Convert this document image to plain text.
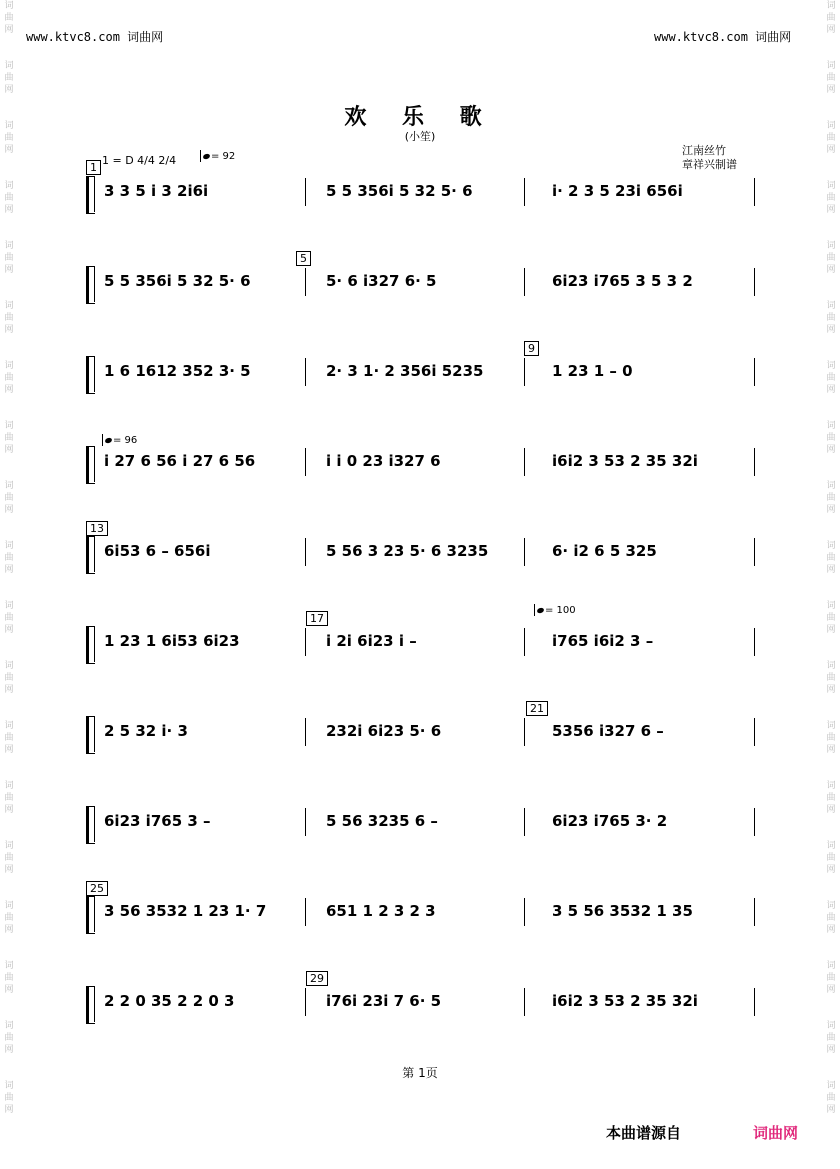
词
曲
网
词
曲
网
词
曲
网
词
曲
网
词
曲
网
词
曲
网
词
曲
网
词
曲
网
词
曲
网
词
曲
网
词
曲
网
词
曲
网
词
曲
网
词
曲
网
词
曲
网
词
曲
网
词
曲
网
词
曲
网
词
曲
网
词
曲
网
词
曲
网
词
曲
网
词
曲
网
词
曲
网
词
曲
网
词
曲
网
词
曲
网
词
曲
网
词
曲
网
词
曲
网
词
曲
网
词
曲
网
词
曲
网
词
曲
网
词
曲
网
词
曲
网
词
曲
网
词
曲
网
www.ktvc8.com 词曲网	www.ktvc8.com 词曲网
欢 乐 歌
(小笙)
江南丝竹
章祥兴制谱
1 = D 4/4 2/4	= 92
= 96
= 100
1
5
9
13
17
21
25
29
3 3 5 i 3 2i6i	5 5 356i 5 32 5· 6	i· 2 3 5 23i 656i
5 5 356i 5 32 5· 6	5· 6 i327 6· 5	6i23 i765 3 5 3 2
1 6 1612 352 3· 5	2· 3 1· 2 356i 5235	1 23 1 – 0
i 27 6 56 i 27 6 56	i i 0 23 i327 6	i6i2 3 53 2 35 32i
6i53 6 – 656i	5 56 3 23 5· 6 3235	6· i2 6 5 325
1 23 1 6i53 6i23	i 2i 6i23 i –	i765 i6i2 3 –
2 5 32 i· 3	232i 6i23 5· 6	5356 i327 6 –
6i23 i765 3 –	5 56 3235 6 –	6i23 i765 3· 2
3 56 3532 1 23 1· 7	651 1 2 3 2 3	3 5 56 3532 1 35
2 2 0 35 2 2 0 3	i76i 23i 7 6· 5	i6i2 3 53 2 35 32i
第 1页
本曲谱源自	词曲网
